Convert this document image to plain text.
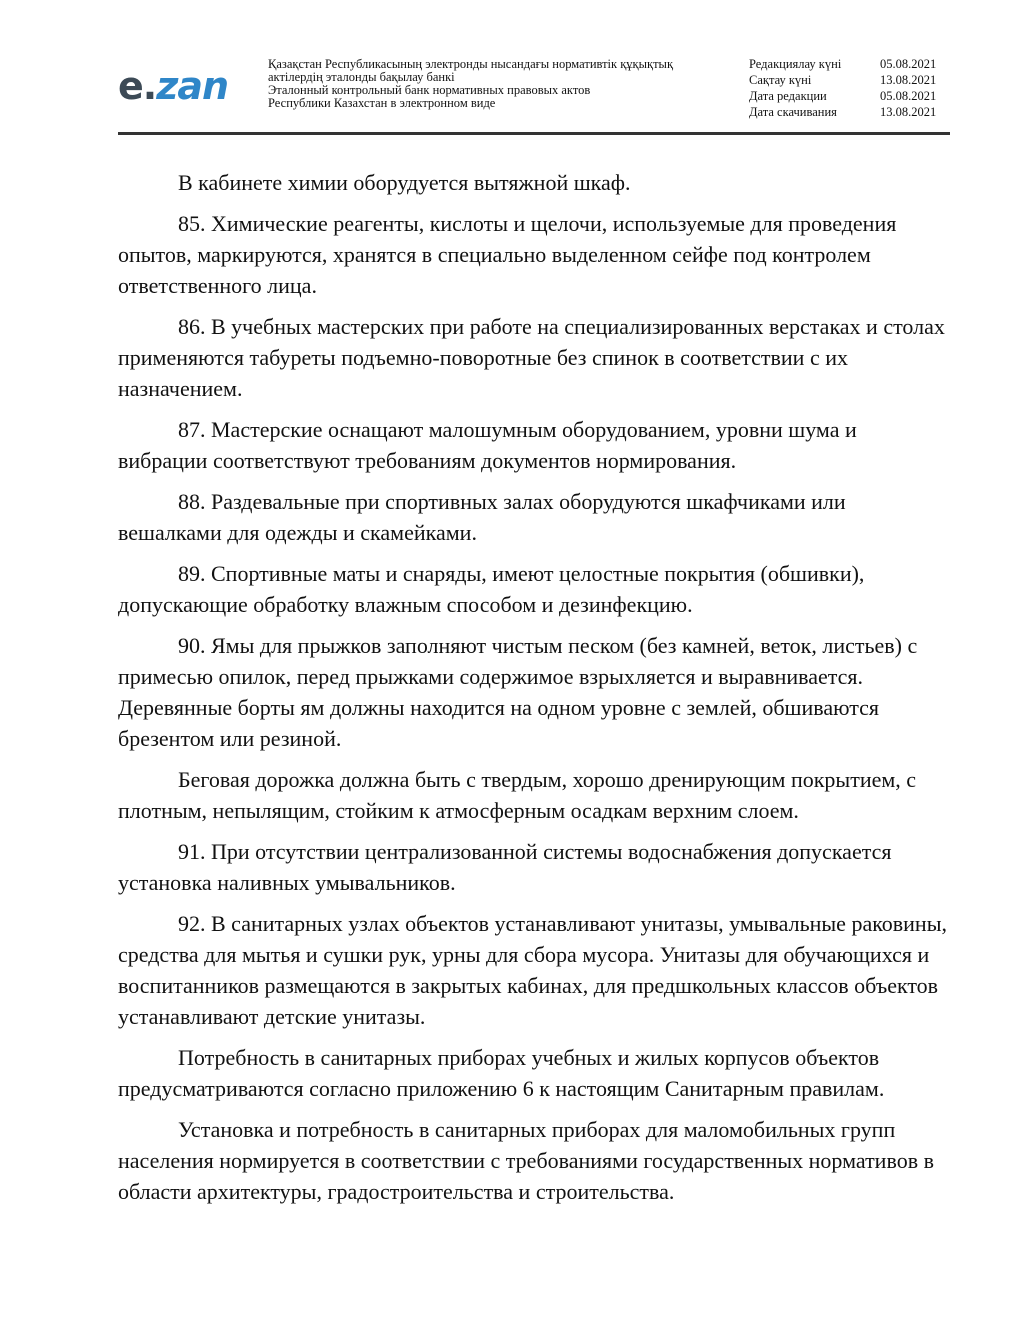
e.zan	Қазақстан Республикасының электронды нысандағы нормативтік құқықтық
актілердің эталонды бақылау банкі
Эталонный контрольный банк нормативных правовых актов
Республики Казахстан в электронном виде
Редакциялау күні	05.08.2021
Сақтау күні	13.08.2021
Дата редакции	05.08.2021
Дата скачивания	13.08.2021

В кабинете химии оборудуется вытяжной шкаф.

85. Химические реагенты, кислоты и щелочи, используемые для проведения опытов, маркируются, хранятся в специально выделенном сейфе под контролем ответственного лица.

86. В учебных мастерских при работе на специализированных верстаках и столах применяются табуреты подъемно-поворотные без спинок в соответствии с их назначением.

87. Мастерские оснащают малошумным оборудованием, уровни шума и вибрации соответствуют требованиям документов нормирования.

88. Раздевальные при спортивных залах оборудуются шкафчиками или вешалками для одежды и скамейками.

89. Спортивные маты и снаряды, имеют целостные покрытия (обшивки), допускающие обработку влажным способом и дезинфекцию.

90. Ямы для прыжков заполняют чистым песком (без камней, веток, листьев) с примесью опилок, перед прыжками содержимое взрыхляется и выравнивается. Деревянные борты ям должны находится на одном уровне с землей, обшиваются брезентом или резиной.

Беговая дорожка должна быть с твердым, хорошо дренирующим покрытием, с плотным, непылящим, стойким к атмосферным осадкам верхним слоем.

91. При отсутствии централизованной системы водоснабжения допускается установка наливных умывальников.

92. В санитарных узлах объектов устанавливают унитазы, умывальные раковины, средства для мытья и сушки рук, урны для сбора мусора. Унитазы для обучающихся и воспитанников размещаются в закрытых кабинах, для предшкольных классов объектов устанавливают детские унитазы.

Потребность в санитарных приборах учебных и жилых корпусов объектов предусматриваются согласно приложению 6 к настоящим Санитарным правилам.

Установка и потребность в санитарных приборах для маломобильных групп населения нормируется в соответствии с требованиями государственных нормативов в области архитектуры, градостроительства и строительства.
